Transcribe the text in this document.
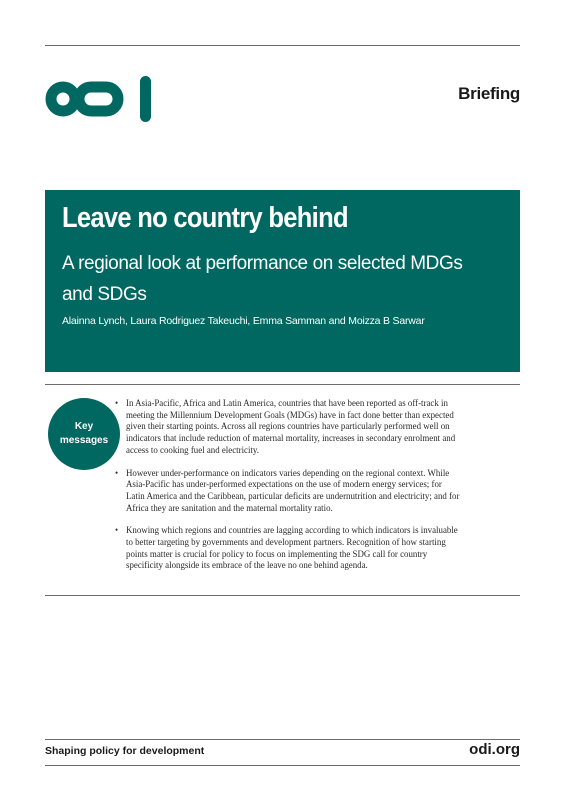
Briefing
Leave no country behind
A regional look at performance on selected MDGs and SDGs
Alainna Lynch, Laura Rodriguez Takeuchi, Emma Samman and Moizza B Sarwar
Key messages
• In Asia-Pacific, Africa and Latin America, countries that have been reported as off-track in meeting the Millennium Development Goals (MDGs) have in fact done better than expected given their starting points. Across all regions countries have particularly performed well on indicators that include reduction of maternal mortality, increases in secondary enrolment and access to cooking fuel and electricity.
• However under-performance on indicators varies depending on the regional context. While Asia-Pacific has under-performed expectations on the use of modern energy services; for Latin America and the Caribbean, particular deficits are undernutrition and electricity; and for Africa they are sanitation and the maternal mortality ratio.
• Knowing which regions and countries are lagging according to which indicators is invaluable to better targeting by governments and development partners. Recognition of how starting points matter is crucial for policy to focus on implementing the SDG call for country specificity alongside its embrace of the leave no one behind agenda.
Shaping policy for development	odi.org
